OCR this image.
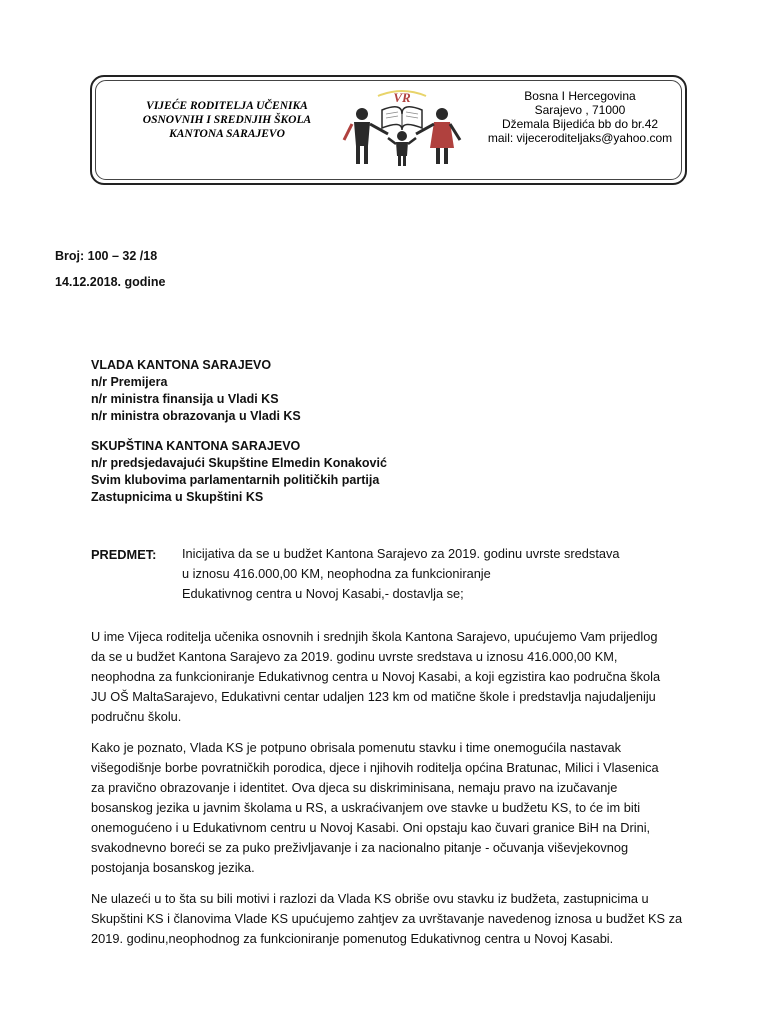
VIJEĆE RODITELJA UČENIKA
OSNOVNIH I SREDNJIH ŠKOLA
KANTONA SARAJEVO
VR	Bosna I Hercegovina
Sarajevo , 71000
Džemala Bijedića bb do br.42
mail: vijeceroditeljaks@yahoo.com
Broj: 100 – 32 /18
14.12.2018. godine
VLADA KANTONA SARAJEVO
n/r Premijera
n/r ministra finansija u Vladi KS
n/r ministra obrazovanja u Vladi KS
SKUPŠTINA KANTONA SARAJEVO
n/r predsjedavajući Skupštine Elmedin Konaković
Svim klubovima parlamentarnih političkih partija
Zastupnicima u Skupštini KS
PREDMET: Inicijativa da se u budžet Kantona Sarajevo za 2019. godinu uvrste sredstava
u iznosu 416.000,00 KM, neophodna za funkcioniranje
Edukativnog centra u Novoj Kasabi,- dostavlja se;
U ime Vijeca roditelja učenika osnovnih i srednjih škola Kantona Sarajevo, upućujemo Vam prijedlog
da se u budžet Kantona Sarajevo za 2019. godinu uvrste sredstava u iznosu 416.000,00 KM,
neophodna za funkcioniranje Edukativnog centra u Novoj Kasabi, a koji egzistira kao područna škola
JU OŠ MaltaSarajevo, Edukativni centar udaljen 123 km od matične škole i predstavlja najudaljeniju
područnu školu.
Kako je poznato, Vlada KS je potpuno obrisala pomenutu stavku i time onemogućila nastavak
višegodišnje borbe povratničkih porodica, djece i njihovih roditelja općina Bratunac, Milici i Vlasenica
za pravično obrazovanje i identitet. Ova djeca su diskriminisana, nemaju pravo na izučavanje
bosanskog jezika u javnim školama u RS, a uskraćivanjem ove stavke u budžetu KS, to će im biti
onemogućeno i u Edukativnom centru u Novoj Kasabi. Oni opstaju kao čuvari granice BiH na Drini,
svakodnevno boreći se za puko preživljavanje i za nacionalno pitanje - očuvanja viševjekovnog
postojanja bosanskog jezika.
Ne ulazeći u to šta su bili motivi i razlozi da Vlada KS obriše ovu stavku iz budžeta, zastupnicima u
Skupštini KS i članovima Vlade KS upućujemo zahtjev za uvrštavanje navedenog iznosa u budžet KS za
2019. godinu,neophodnog za funkcioniranje pomenutog Edukativnog centra u Novoj Kasabi.
